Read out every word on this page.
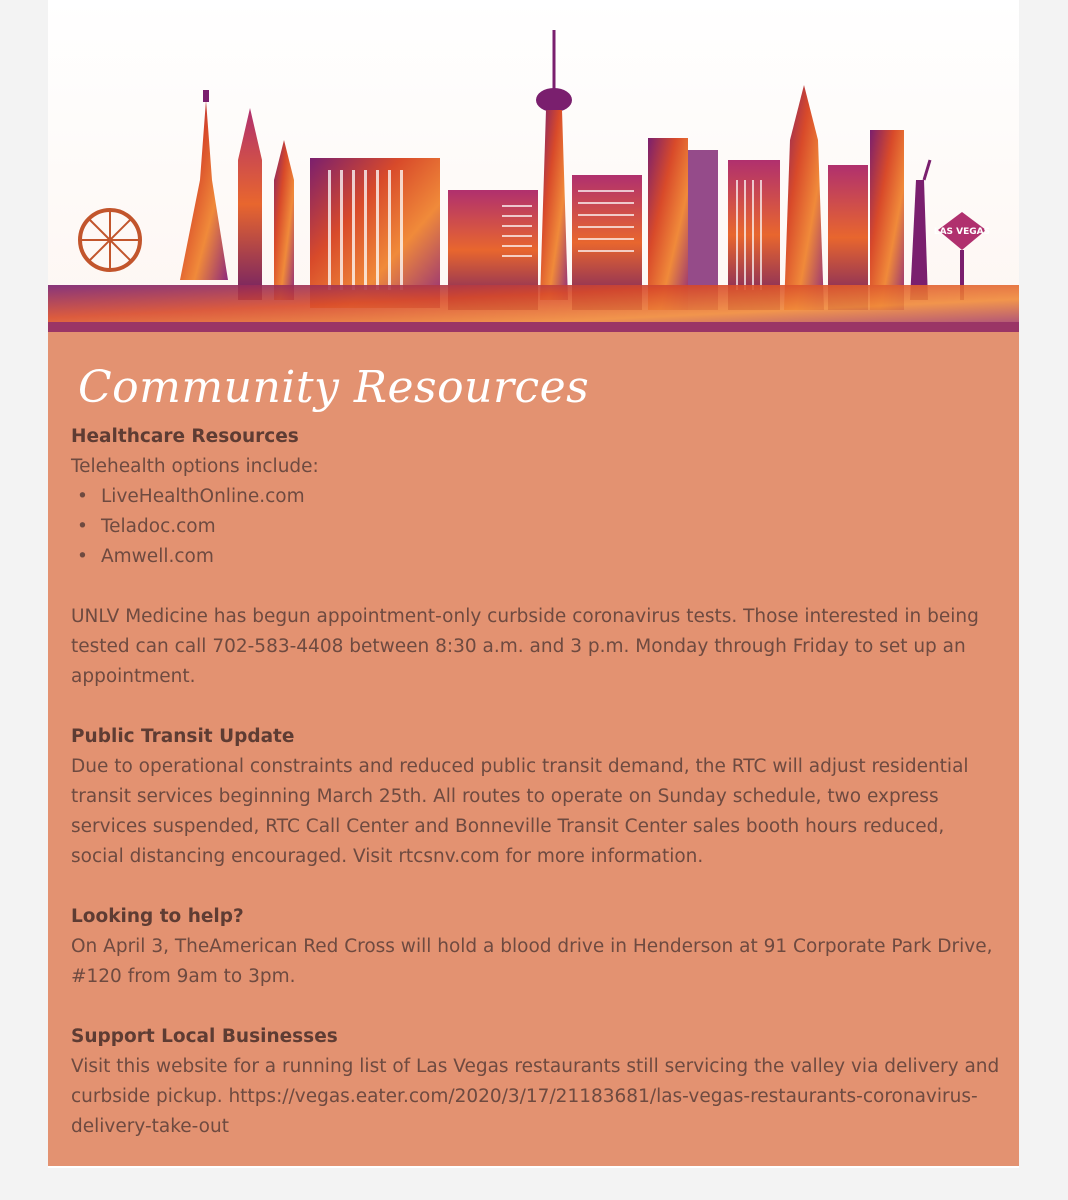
LAS VEGAS
Community Resources
Healthcare Resources

Telehealth options include:

• LiveHealthOnline.com
• Teladoc.com
• Amwell.com

UNLV Medicine has begun appointment-only curbside coronavirus tests. Those interested in being tested can call 702-583-4408 between 8:30 a.m. and 3 p.m. Monday through Friday to set up an appointment.

Public Transit Update

Due to operational constraints and reduced public transit demand, the RTC will adjust residential transit services beginning March 25th. All routes to operate on Sunday schedule, two express services suspended, RTC Call Center and Bonneville Transit Center sales booth hours reduced, social distancing encouraged. Visit rtcsnv.com for more information.

Looking to help?

On April 3, TheAmerican Red Cross will hold a blood drive in Henderson at 91 Corporate Park Drive, #120 from 9am to 3pm.

Support Local Businesses

Visit this website for a running list of Las Vegas restaurants still servicing the valley via delivery and curbside pickup. https://vegas.eater.com/2020/3/17/21183681/las-vegas-restaurants-coronavirus-delivery-take-out
